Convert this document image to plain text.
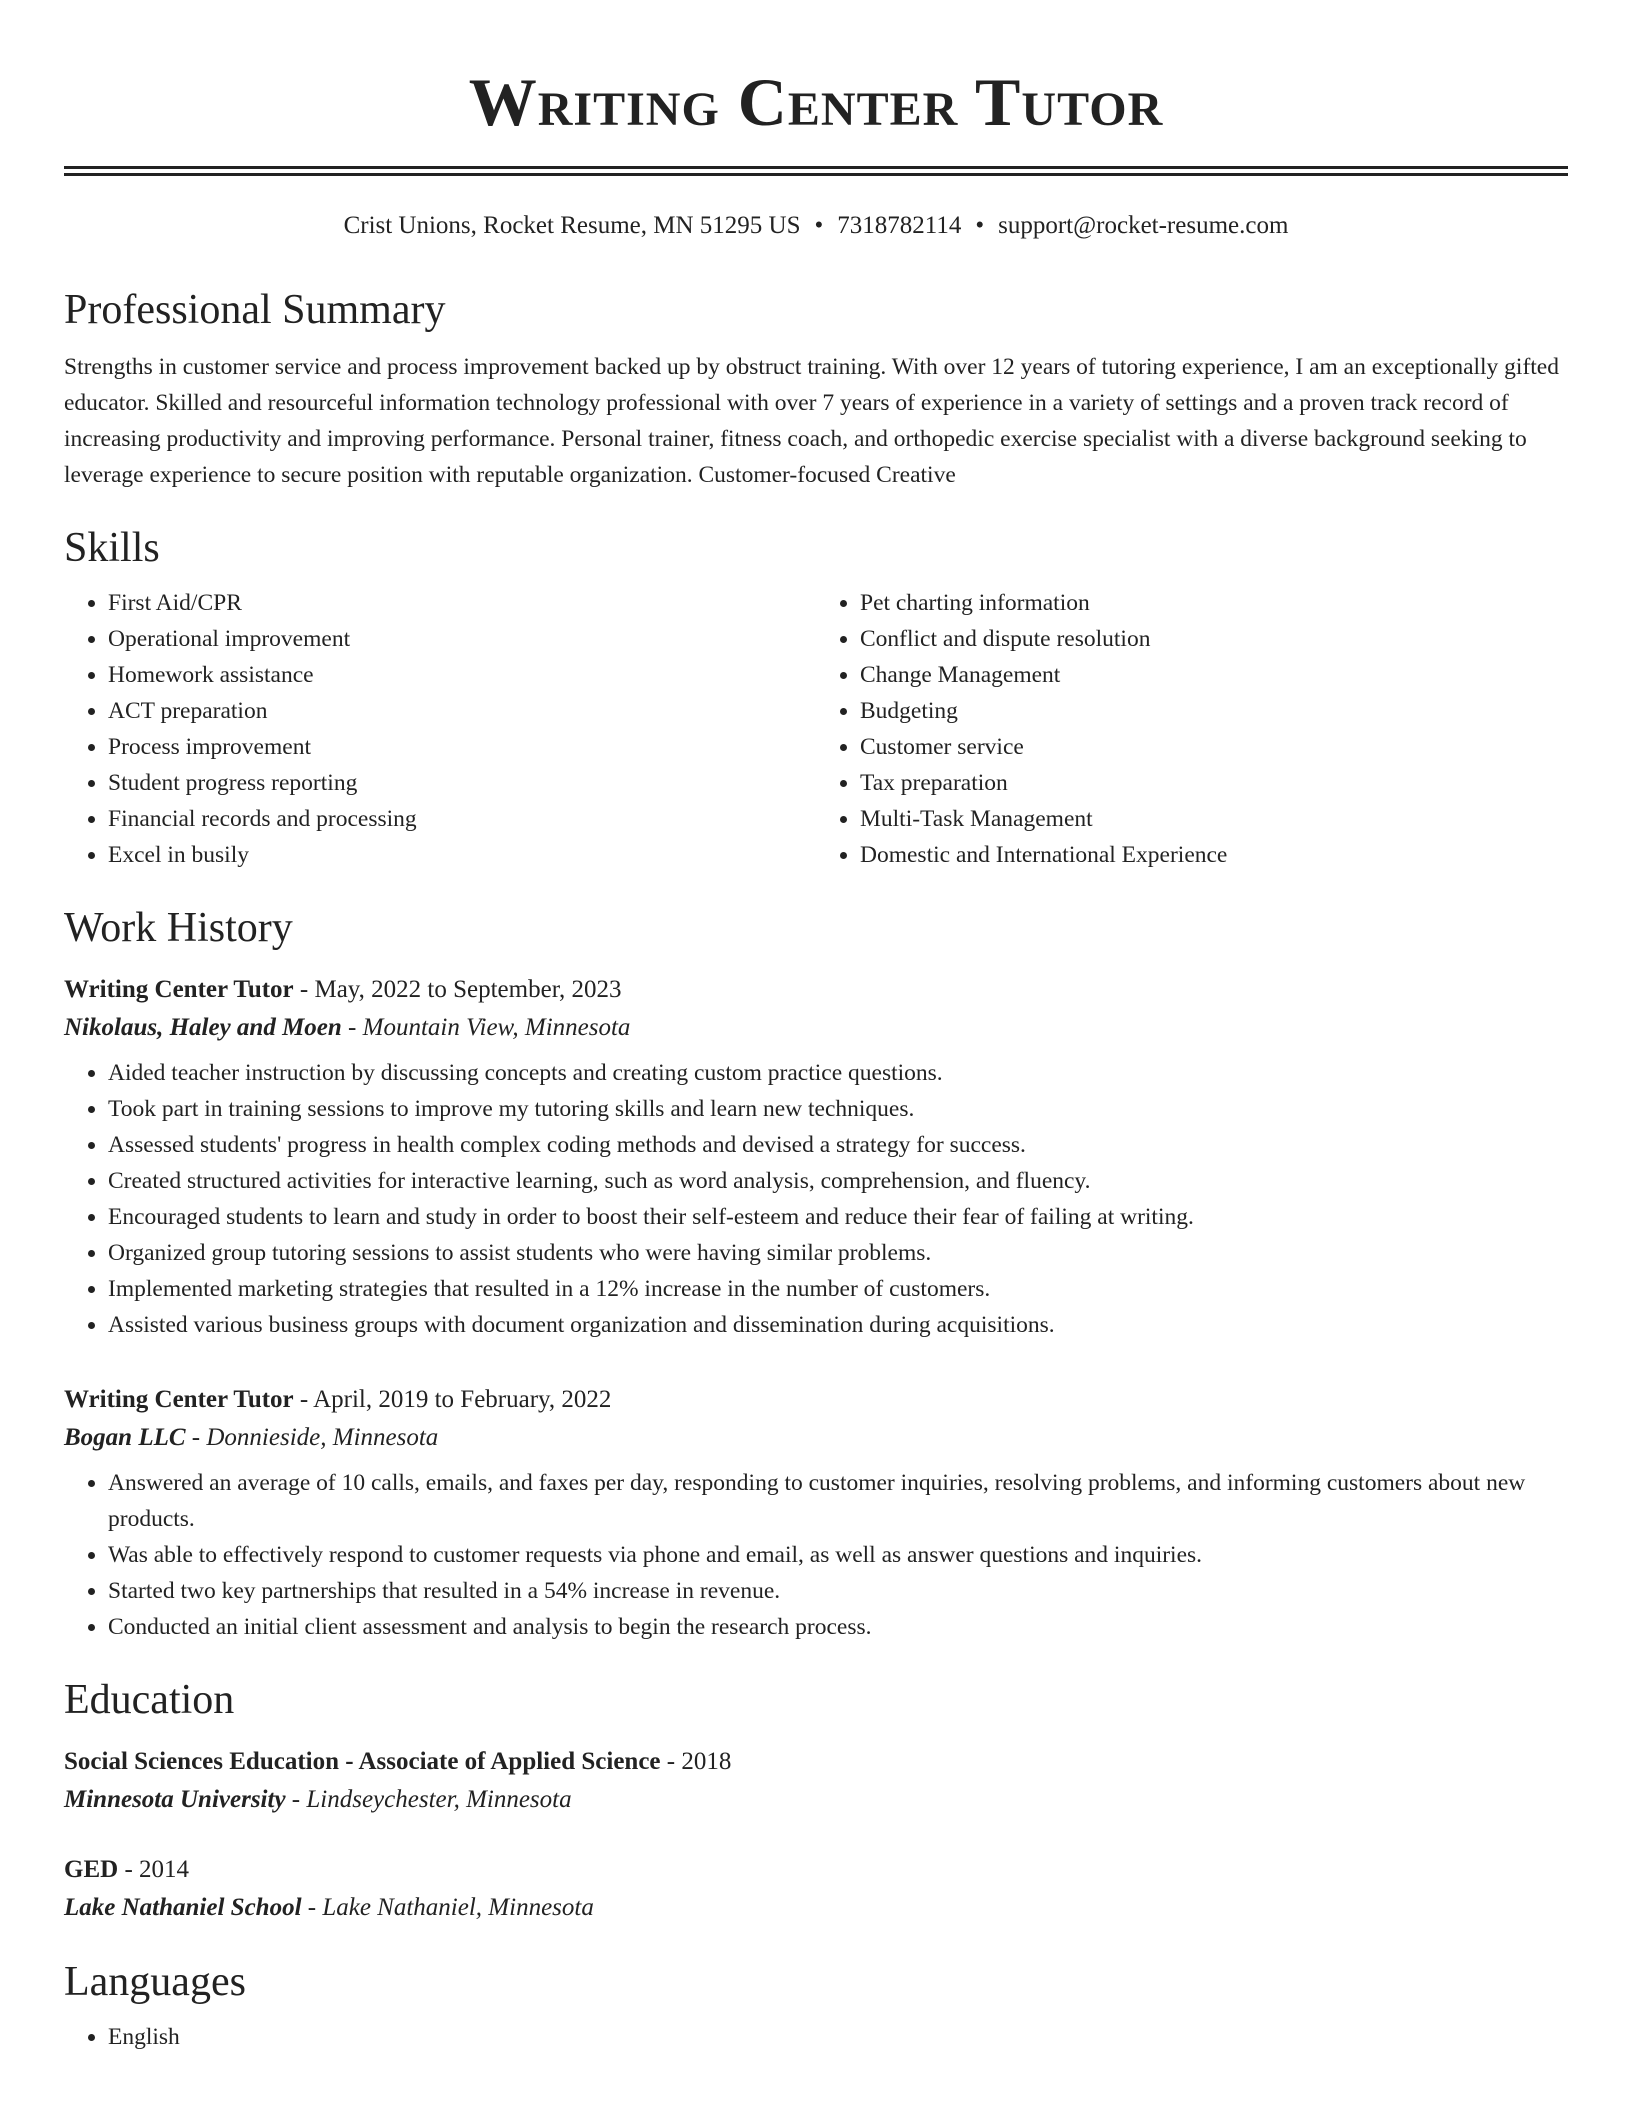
Writing Center Tutor
Crist Unions, Rocket Resume, MN 51295 US • 7318782114 • support@rocket-resume.com
Professional Summary
Strengths in customer service and process improvement backed up by obstruct training. With over 12 years of tutoring experience, I am an exceptionally gifted educator. Skilled and resourceful information technology professional with over 7 years of experience in a variety of settings and a proven track record of increasing productivity and improving performance. Personal trainer, fitness coach, and orthopedic exercise specialist with a diverse background seeking to leverage experience to secure position with reputable organization. Customer-focused Creative
Skills
• First Aid/CPR
• Operational improvement
• Homework assistance
• ACT preparation
• Process improvement
• Student progress reporting
• Financial records and processing
• Excel in busily
• Pet charting information
• Conflict and dispute resolution
• Change Management
• Budgeting
• Customer service
• Tax preparation
• Multi-Task Management
• Domestic and International Experience
Work History
Writing Center Tutor - May, 2022 to September, 2023
Nikolaus, Haley and Moen - Mountain View, Minnesota
• Aided teacher instruction by discussing concepts and creating custom practice questions.
• Took part in training sessions to improve my tutoring skills and learn new techniques.
• Assessed students' progress in health complex coding methods and devised a strategy for success.
• Created structured activities for interactive learning, such as word analysis, comprehension, and fluency.
• Encouraged students to learn and study in order to boost their self-esteem and reduce their fear of failing at writing.
• Organized group tutoring sessions to assist students who were having similar problems.
• Implemented marketing strategies that resulted in a 12% increase in the number of customers.
• Assisted various business groups with document organization and dissemination during acquisitions.
Writing Center Tutor - April, 2019 to February, 2022
Bogan LLC - Donnieside, Minnesota
• Answered an average of 10 calls, emails, and faxes per day, responding to customer inquiries, resolving problems, and informing customers about new products.
• Was able to effectively respond to customer requests via phone and email, as well as answer questions and inquiries.
• Started two key partnerships that resulted in a 54% increase in revenue.
• Conducted an initial client assessment and analysis to begin the research process.
Education
Social Sciences Education - Associate of Applied Science - 2018
Minnesota University - Lindseychester, Minnesota
GED - 2014
Lake Nathaniel School - Lake Nathaniel, Minnesota
Languages
• English
